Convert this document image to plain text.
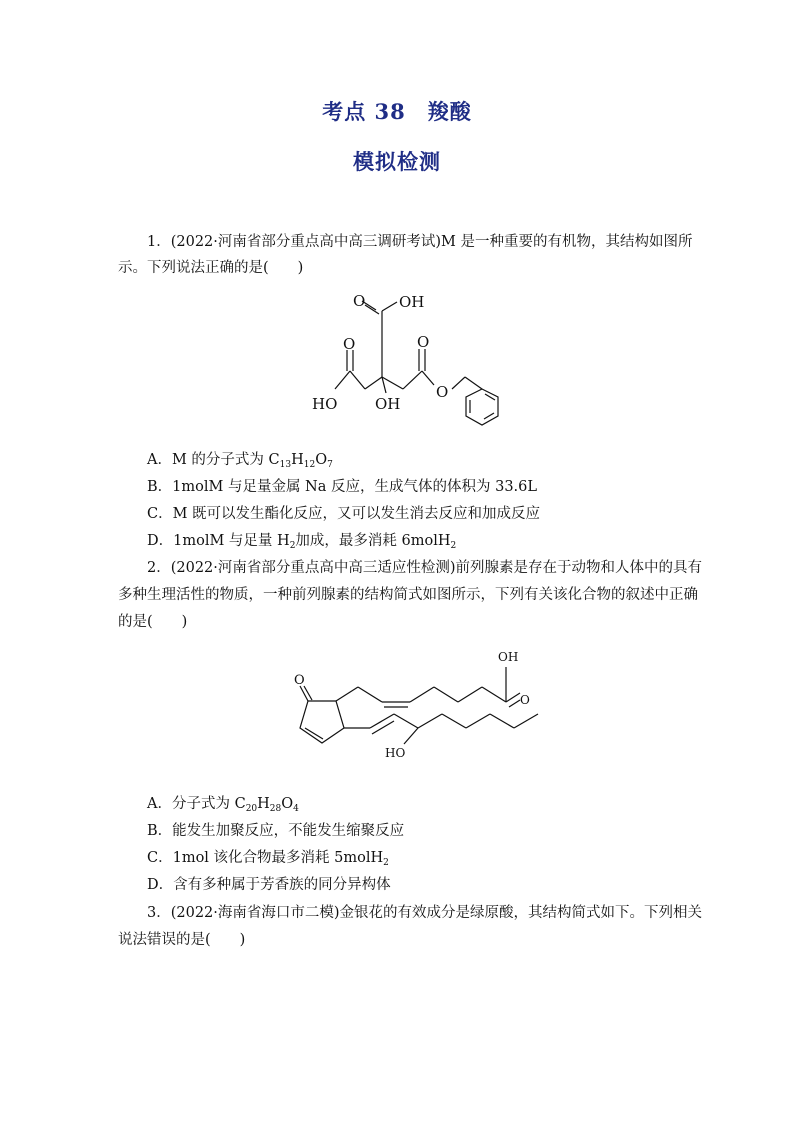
考点 38　羧酸
模拟检测
1．(2022·河南省部分重点高中高三调研考试)M 是一种重要的有机物，其结构如图所
示。下列说法正确的是(　　)
OH
O
O
HO	OH
O
O
A．M 的分子式为 $C_{13}H_{12}O_7$
B．1molM 与足量金属 Na 反应，生成气体的体积为 33.6L
C．M 既可以发生酯化反应，又可以发生消去反应和加成反应
D．1molM 与足量 $H_2$加成，最多消耗 6molH$_2$
2．(2022·河南省部分重点高中高三适应性检测)前列腺素是存在于动物和人体中的具有
多种生理活性的物质，一种前列腺素的结构简式如图所示，下列有关该化合物的叙述中正确
的是(　　)
OH
O
O
HO
A．分子式为 $C_{20}H_{28}O_4$
B．能发生加聚反应，不能发生缩聚反应
C．1mol 该化合物最多消耗 5molH$_2$
D．含有多种属于芳香族的同分异构体
3．(2022·海南省海口市二模)金银花的有效成分是绿原酸，其结构简式如下。下列相关
说法错误的是(　　)
